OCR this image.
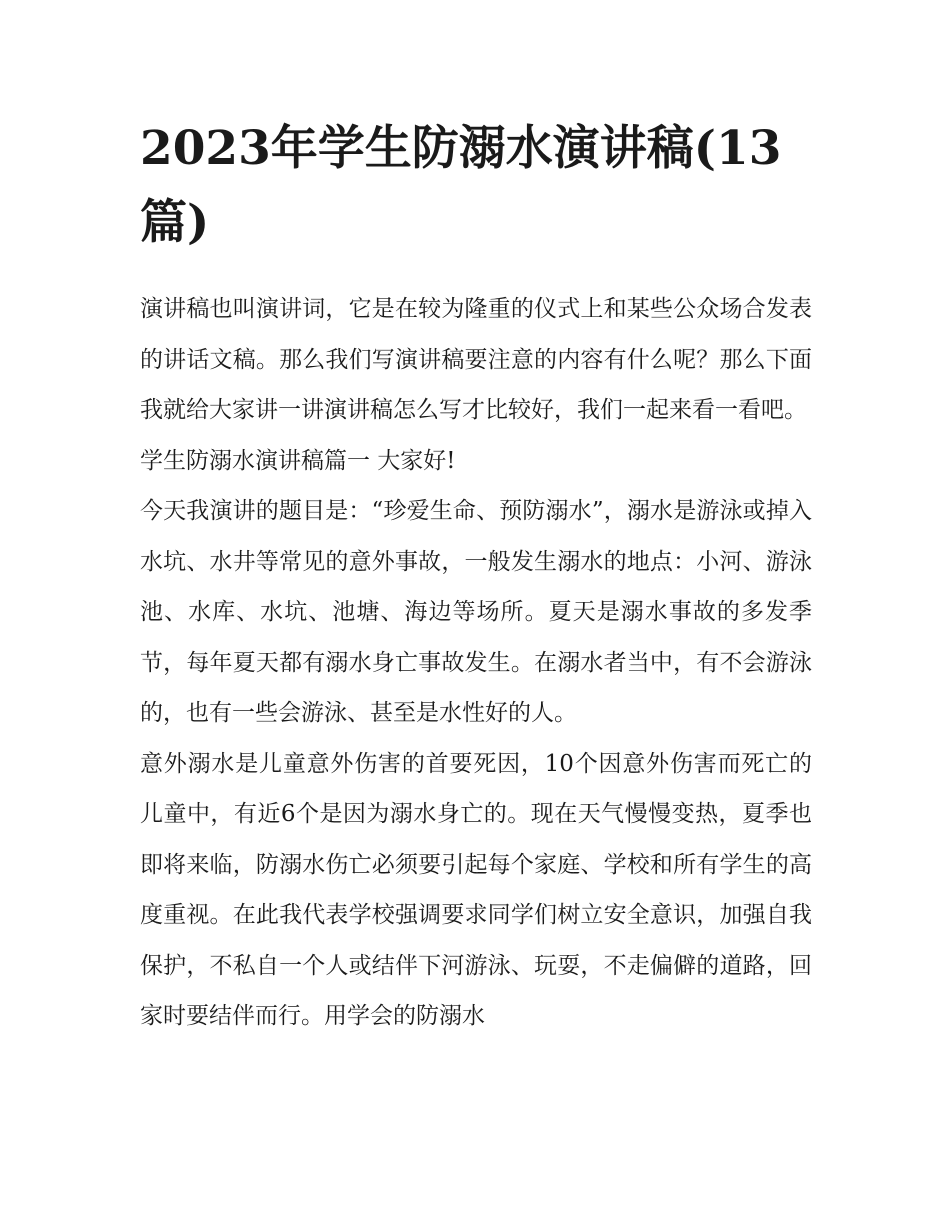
2023年学生防溺水演讲稿(13篇)

演讲稿也叫演讲词，它是在较为隆重的仪式上和某些公众场合发表的讲话文稿。那么我们写演讲稿要注意的内容有什么呢？那么下面我就给大家讲一讲演讲稿怎么写才比较好，我们一起来看一看吧。

学生防溺水演讲稿篇一 大家好!

今天我演讲的题目是：“珍爱生命、预防溺水”，溺水是游泳或掉入水坑、水井等常见的意外事故，一般发生溺水的地点：小河、游泳池、水库、水坑、池塘、海边等场所。夏天是溺水事故的多发季节，每年夏天都有溺水身亡事故发生。在溺水者当中，有不会游泳的，也有一些会游泳、甚至是水性好的人。

意外溺水是儿童意外伤害的首要死因，10个因意外伤害而死亡的儿童中，有近6个是因为溺水身亡的。现在天气慢慢变热，夏季也即将来临，防溺水伤亡必须要引起每个家庭、学校和所有学生的高度重视。在此我代表学校强调要求同学们树立安全意识，加强自我保护，不私自一个人或结伴下河游泳、玩耍，不走偏僻的道路，回家时要结伴而行。用学会的防溺水
